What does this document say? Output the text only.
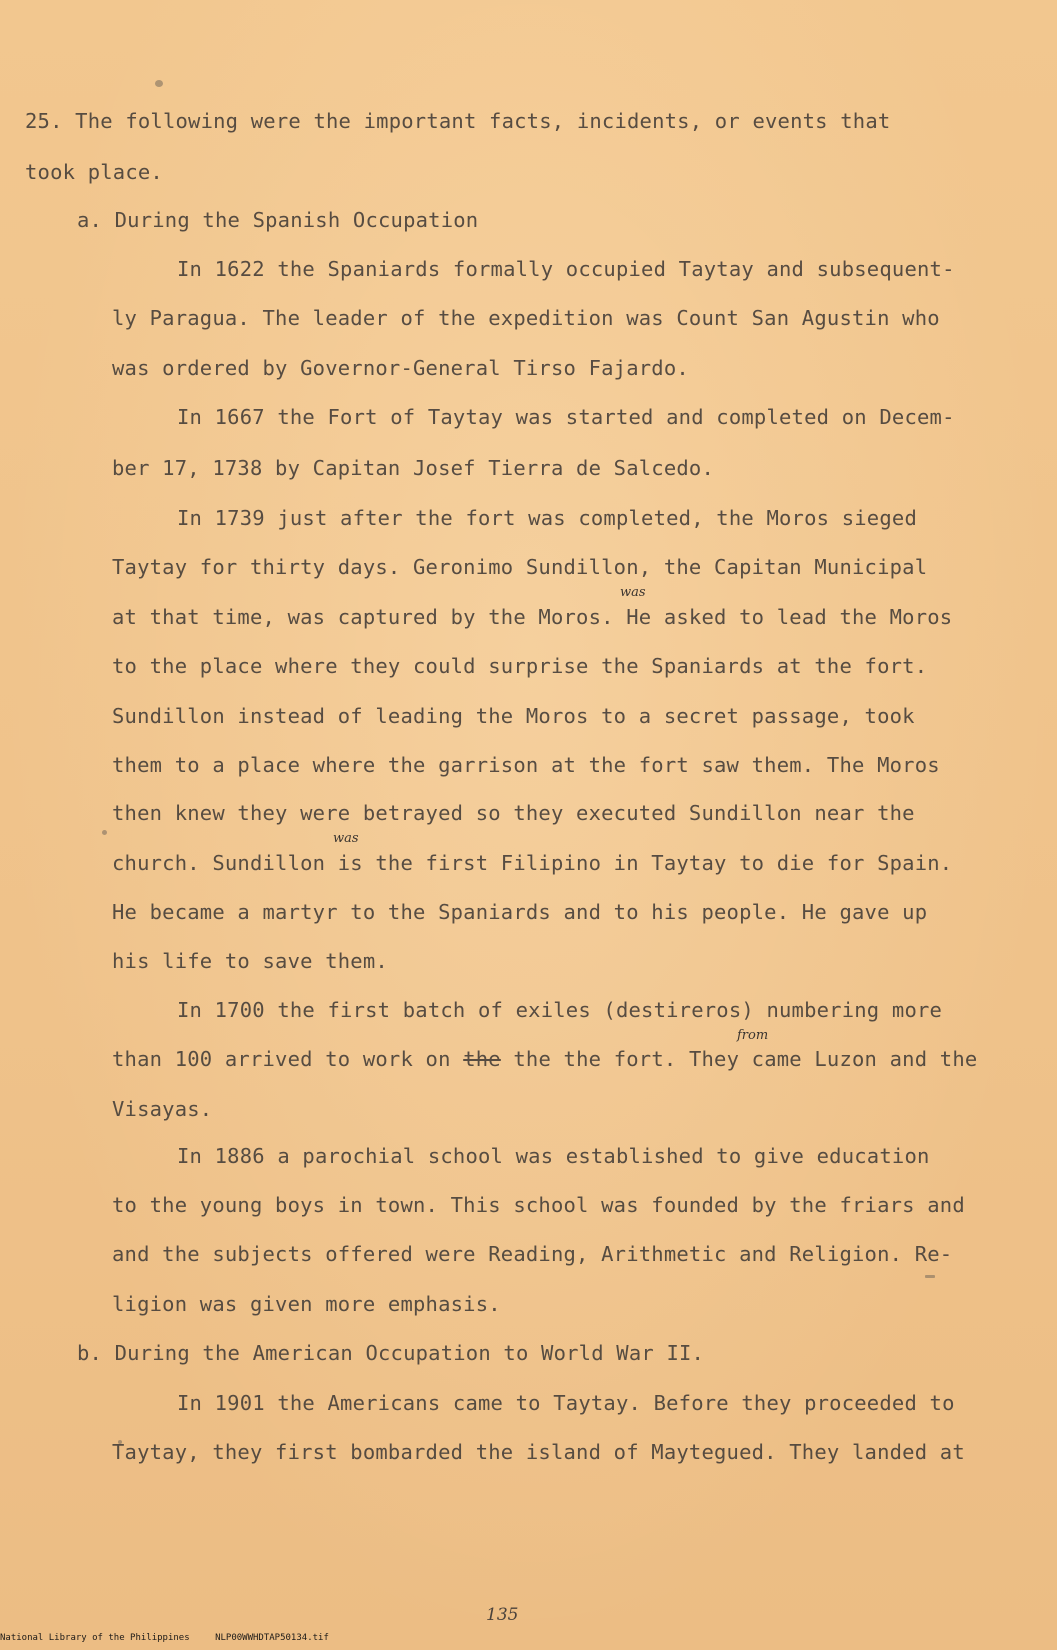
25. The following were the important facts, incidents, or events that
took place.
a. During the Spanish Occupation
In 1622 the Spaniards formally occupied Taytay and subsequent-
ly Paragua. The leader of the expedition was Count San Agustin who
was ordered by Governor-General Tirso Fajardo.
In 1667 the Fort of Taytay was started and completed on Decem-
ber 17, 1738 by Capitan Josef Tierra de Salcedo.
In 1739 just after the fort was completed, the Moros sieged
Taytay for thirty days. Geronimo Sundillon, the Capitan Municipal
was
at that time, was captured by the Moros. He asked to lead the Moros
to the place where they could surprise the Spaniards at the fort.
Sundillon instead of leading the Moros to a secret passage, took
them to a place where the garrison at the fort saw them. The Moros
then knew they were betrayed so they executed Sundillon near the
was
church. Sundillon is the first Filipino in Taytay to die for Spain.
He became a martyr to the Spaniards and to his people. He gave up
his life to save them.
In 1700 the first batch of exiles (destireros) numbering more
from
than 100 arrived to work on the the the fort. They came Luzon and the
Visayas.
In 1886 a parochial school was established to give education
to the young boys in town. This school was founded by the friars and
and the subjects offered were Reading, Arithmetic and Religion. Re-
ligion was given more emphasis.
b. During the American Occupation to World War II.
In 1901 the Americans came to Taytay. Before they proceeded to
Taytay, they first bombarded the island of Maytegued. They landed at
135
National Library of the Philippines	NLP00WWHDTAP50134.tif
